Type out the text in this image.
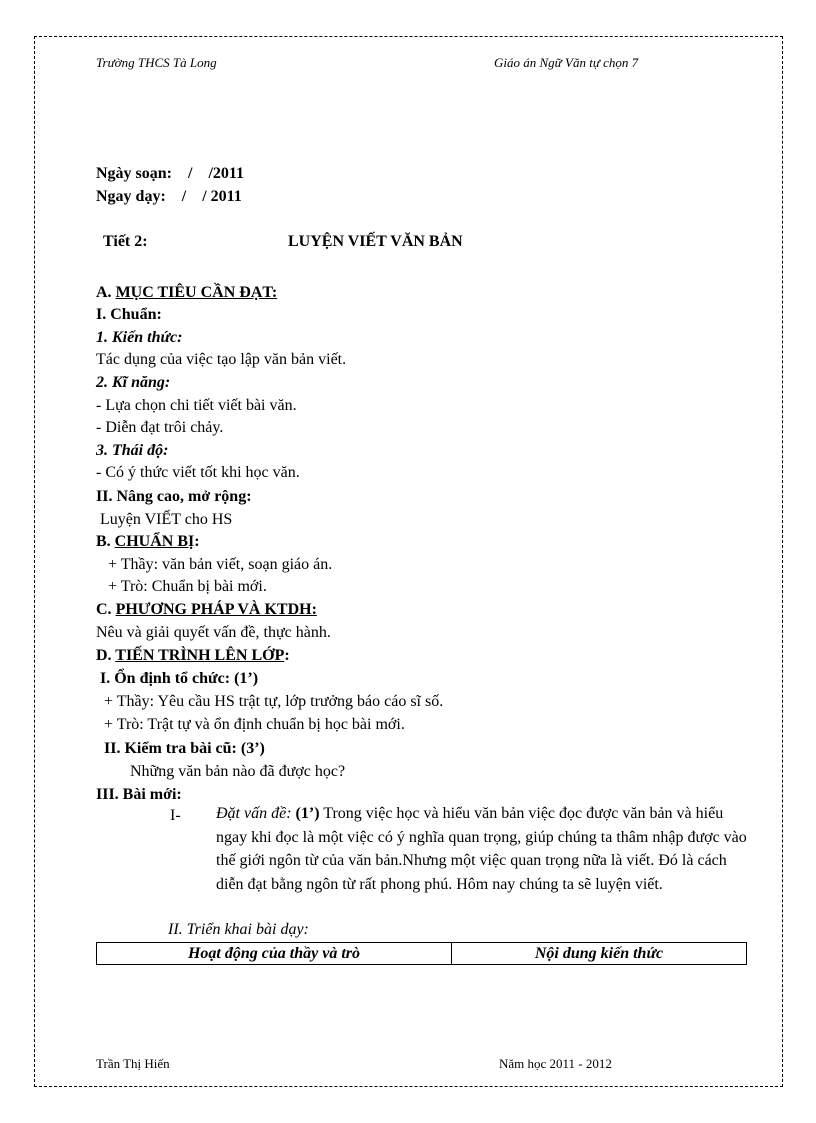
Trường THCS Tà Long	Giáo án Ngữ Văn tự chọn 7
Ngày soạn:    /    /2011
Ngay dạy:    /    / 2011
Tiết 2:	LUYỆN VIẾT VĂN BẢN
A. MỤC TIÊU CẦN ĐẠT:
I. Chuẩn:
1. Kiến thức:
Tác dụng của việc tạo lập văn bản viết.
2. Kĩ năng:
- Lựa chọn chi tiết viết bài văn.
- Diễn đạt trôi chảy.
3. Thái độ:
- Có ý thức viết tốt khi học văn.
II. Nâng cao, mở rộng:
Luyện VIẾT cho HS
B. CHUẨN BỊ:
+ Thầy: văn bản viết, soạn giáo án.
+ Trò: Chuẩn bị bài mới.
C. PHƯƠNG PHÁP VÀ KTDH:
Nêu và giải quyết vấn đề, thực hành.
D. TIẾN TRÌNH LÊN LỚP:
I. Ổn định tổ chức: (1’)
+ Thầy: Yêu cầu HS trật tự, lớp trưởng báo cáo sĩ số.
+ Trò: Trật tự và ổn định chuẩn bị học bài mới.
II. Kiểm tra bài cũ: (3’)
Những văn bản nào đã được học?
III. Bài mới:
I- Đặt vấn đề: (1’) Trong việc học và hiểu văn bản việc đọc được văn bản và hiểu ngay khi đọc là một việc có ý nghĩa quan trọng, giúp chúng ta thâm nhập được vào thế giới ngôn từ của văn bản.Nhưng một việc quan trọng nữa là viết. Đó là cách diễn đạt bằng ngôn từ rất phong phú. Hôm nay chúng ta sẽ luyện viết.
II. Triển khai bài dạy:
Hoạt động của thầy và trò	Nội dung kiến thức
Trần Thị Hiến	Năm học 2011 - 2012
